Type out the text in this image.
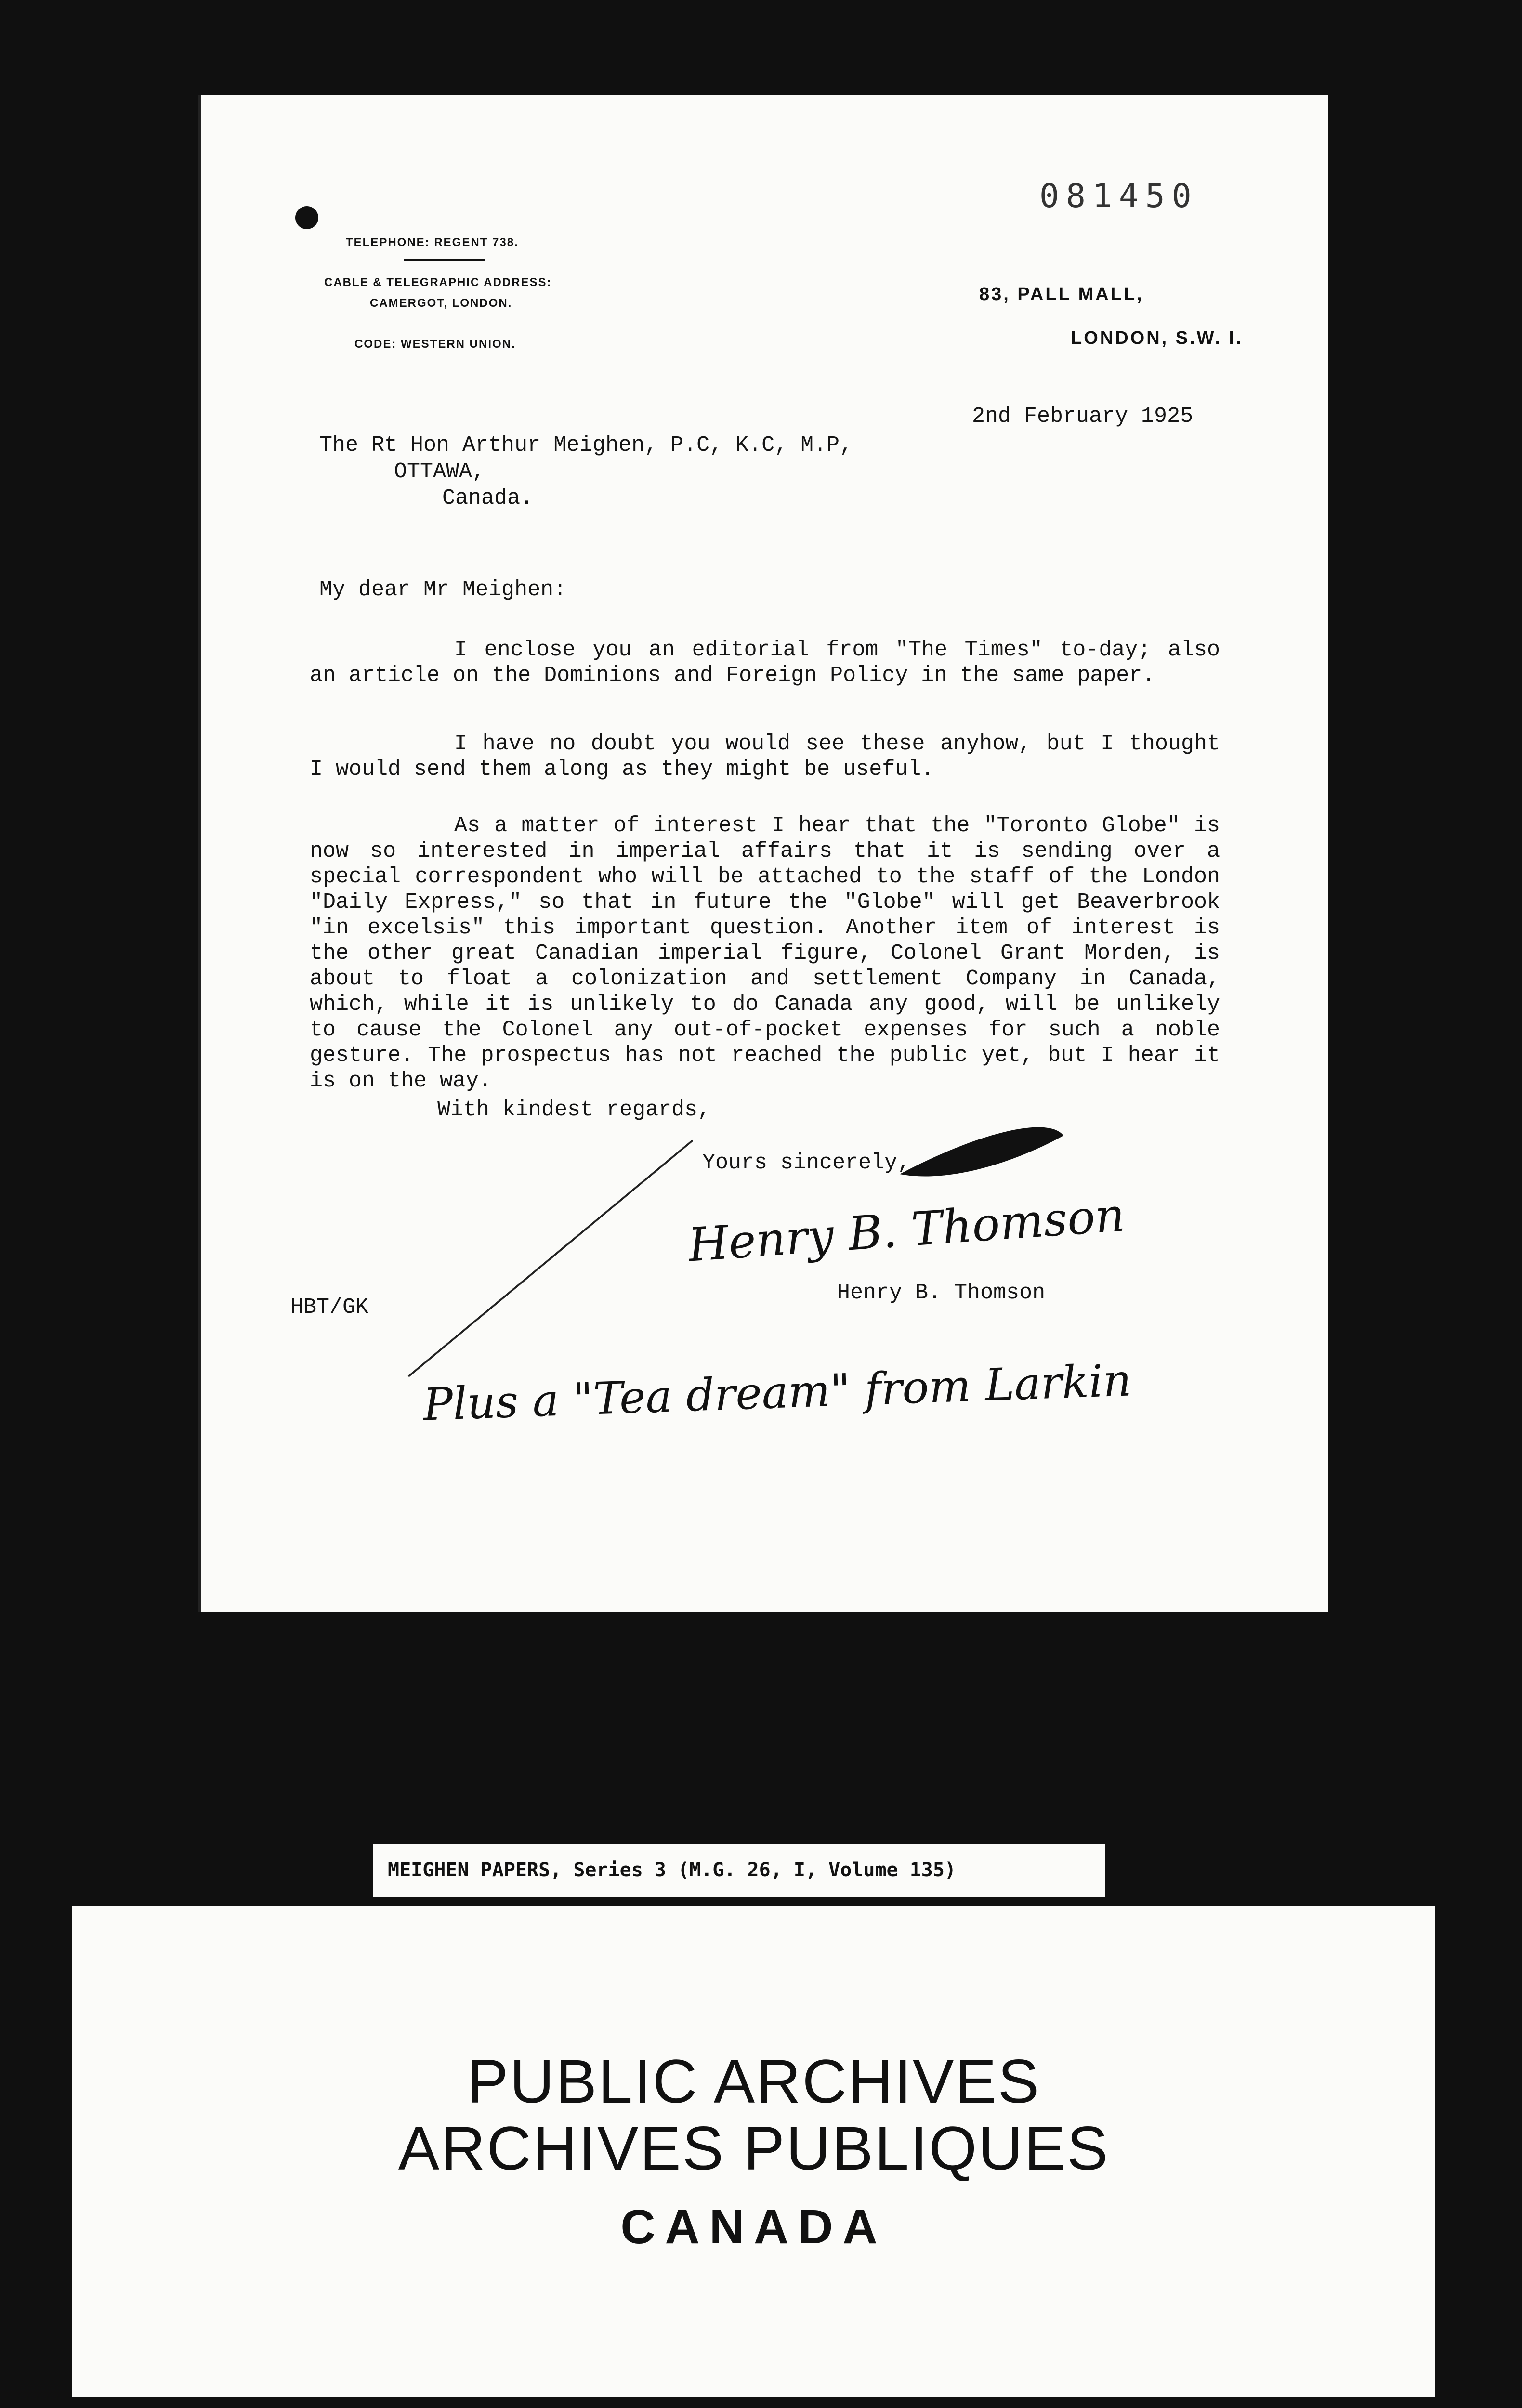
081450
TELEPHONE: REGENT 738.
CABLE & TELEGRAPHIC ADDRESS:
CAMERGOT, LONDON.
CODE: WESTERN UNION.
83, PALL MALL,
LONDON, S.W. I.
2nd February 1925
The Rt Hon Arthur Meighen, P.C, K.C, M.P,
OTTAWA,
Canada.
My dear Mr Meighen:
I enclose you an editorial from "The Times" to-day; also an article on the Dominions and Foreign Policy in the same paper.
I have no doubt you would see these anyhow, but I thought I would send them along as they might be useful.
As a matter of interest I hear that the "Toronto Globe" is now so interested in imperial affairs that it is sending over a special correspondent who will be attached to the staff of the London "Daily Express," so that in future the "Globe" will get Beaverbrook "in excelsis" this important question. Another item of interest is the other great Canadian imperial figure, Colonel Grant Morden, is about to float a colonization and settlement Company in Canada, which, while it is unlikely to do Canada any good, will be unlikely to cause the Colonel any out-of-pocket expenses for such a noble gesture. The prospectus has not reached the public yet, but I hear it is on the way.
With kindest regards,
Yours sincerely,
Henry B. Thomson
Henry B. Thomson
HBT/GK
Plus a "Tea dream" from Larkin
MEIGHEN PAPERS, Series 3 (M.G. 26, I, Volume 135)
PUBLIC ARCHIVES
ARCHIVES PUBLIQUES
CANADA
